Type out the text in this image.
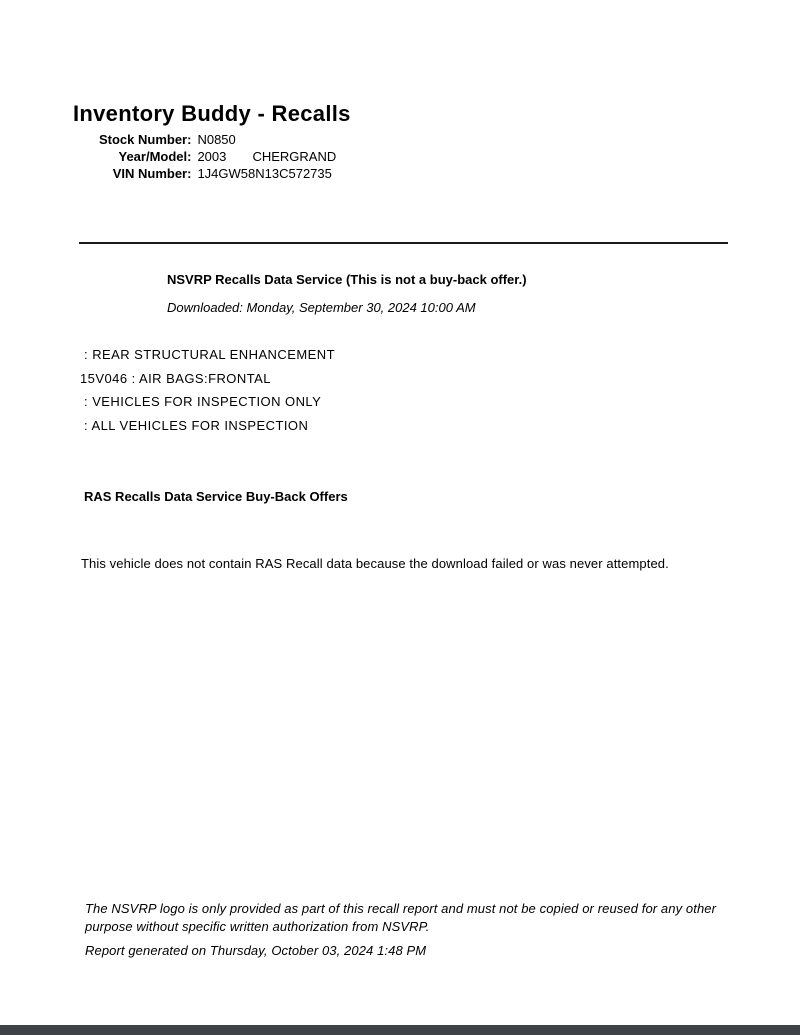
Inventory Buddy - Recalls

Stock Number: N0850

Year/Model: 2003 CHERGRAND

VIN Number: 1J4GW58N13C572735

NSVRP Recalls Data Service (This is not a buy-back offer.)
Downloaded: Monday, September 30, 2024 10:00 AM
: REAR STRUCTURAL ENHANCEMENT
15V046 : AIR BAGS:FRONTAL
: VEHICLES FOR INSPECTION ONLY
: ALL VEHICLES FOR INSPECTION
RAS Recalls Data Service Buy-Back Offers
This vehicle does not contain RAS Recall data because the download failed or was never attempted.
The NSVRP logo is only provided as part of this recall report and must not be copied or reused for any other purpose without specific written authorization from NSVRP.
Report generated on Thursday, October 03, 2024 1:48 PM
